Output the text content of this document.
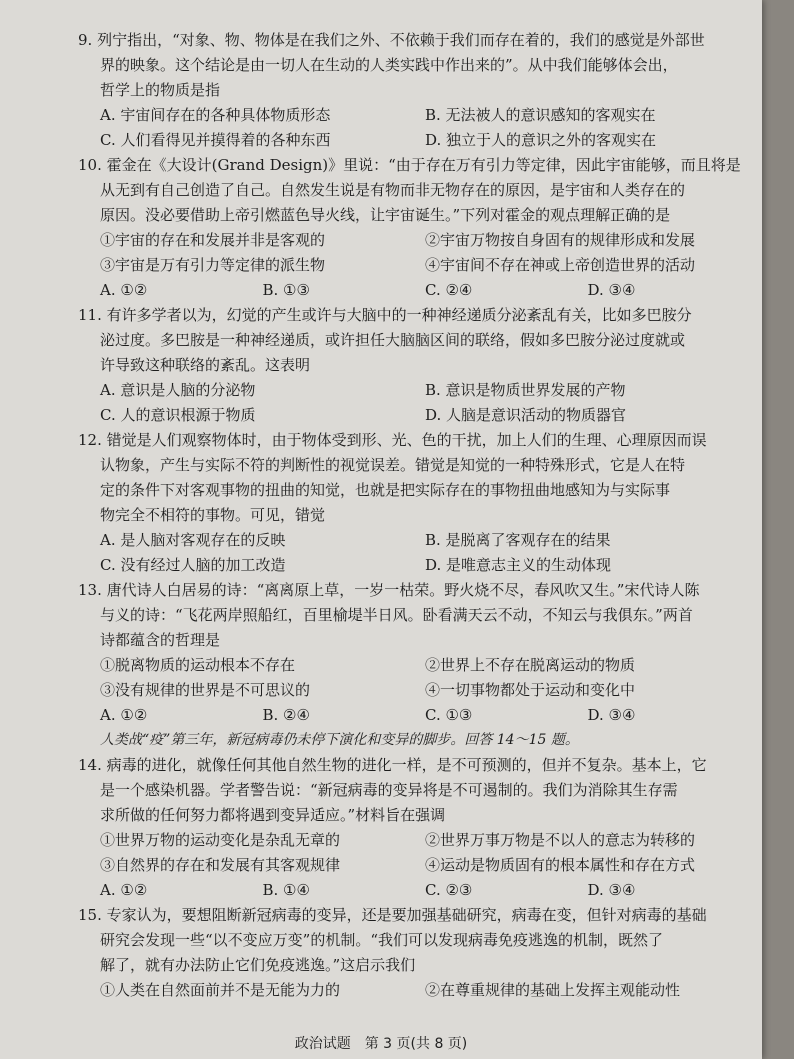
9. 列宁指出，“对象、物、物体是在我们之外、不依赖于我们而存在着的，我们的感觉是外部世
界的映象。这个结论是由一切人在生动的人类实践中作出来的”。从中我们能够体会出，
哲学上的物质是指
A. 宇宙间存在的各种具体物质形态	B. 无法被人的意识感知的客观实在
C. 人们看得见并摸得着的各种东西	D. 独立于人的意识之外的客观实在
10. 霍金在《大设计(Grand Design)》里说：“由于存在万有引力等定律，因此宇宙能够，而且将是
从无到有自己创造了自己。自然发生说是有物而非无物存在的原因，是宇宙和人类存在的
原因。没必要借助上帝引燃蓝色导火线，让宇宙诞生。”下列对霍金的观点理解正确的是
①宇宙的存在和发展并非是客观的	②宇宙万物按自身固有的规律形成和发展
③宇宙是万有引力等定律的派生物	④宇宙间不存在神或上帝创造世界的活动
A. ①②	B. ①③	C. ②④	D. ③④
11. 有许多学者以为，幻觉的产生或许与大脑中的一种神经递质分泌紊乱有关，比如多巴胺分
泌过度。多巴胺是一种神经递质，或许担任大脑脑区间的联络，假如多巴胺分泌过度就或
许导致这种联络的紊乱。这表明
A. 意识是人脑的分泌物	B. 意识是物质世界发展的产物
C. 人的意识根源于物质	D. 人脑是意识活动的物质器官
12. 错觉是人们观察物体时，由于物体受到形、光、色的干扰，加上人们的生理、心理原因而误
认物象，产生与实际不符的判断性的视觉误差。错觉是知觉的一种特殊形式，它是人在特
定的条件下对客观事物的扭曲的知觉，也就是把实际存在的事物扭曲地感知为与实际事
物完全不相符的事物。可见，错觉
A. 是人脑对客观存在的反映	B. 是脱离了客观存在的结果
C. 没有经过人脑的加工改造	D. 是唯意志主义的生动体现
13. 唐代诗人白居易的诗：“离离原上草，一岁一枯荣。野火烧不尽，春风吹又生。”宋代诗人陈
与义的诗：“飞花两岸照船红，百里榆堤半日风。卧看满天云不动，不知云与我俱东。”两首
诗都蕴含的哲理是
①脱离物质的运动根本不存在	②世界上不存在脱离运动的物质
③没有规律的世界是不可思议的	④一切事物都处于运动和变化中
A. ①②	B. ②④	C. ①③	D. ③④
人类战“疫”第三年，新冠病毒仍未停下演化和变异的脚步。回答 14～15 题。
14. 病毒的进化，就像任何其他自然生物的进化一样，是不可预测的，但并不复杂。基本上，它
是一个感染机器。学者警告说：“新冠病毒的变异将是不可遏制的。我们为消除其生存需
求所做的任何努力都将遇到变异适应。”材料旨在强调
①世界万物的运动变化是杂乱无章的	②世界万事万物是不以人的意志为转移的
③自然界的存在和发展有其客观规律	④运动是物质固有的根本属性和存在方式
A. ①②	B. ①④	C. ②③	D. ③④
15. 专家认为，要想阻断新冠病毒的变异，还是要加强基础研究，病毒在变，但针对病毒的基础
研究会发现一些“以不变应万变”的机制。“我们可以发现病毒免疫逃逸的机制，既然了
解了，就有办法防止它们免疫逃逸。”这启示我们
①人类在自然面前并不是无能为力的	②在尊重规律的基础上发挥主观能动性
政治试题　第 3 页(共 8 页)
